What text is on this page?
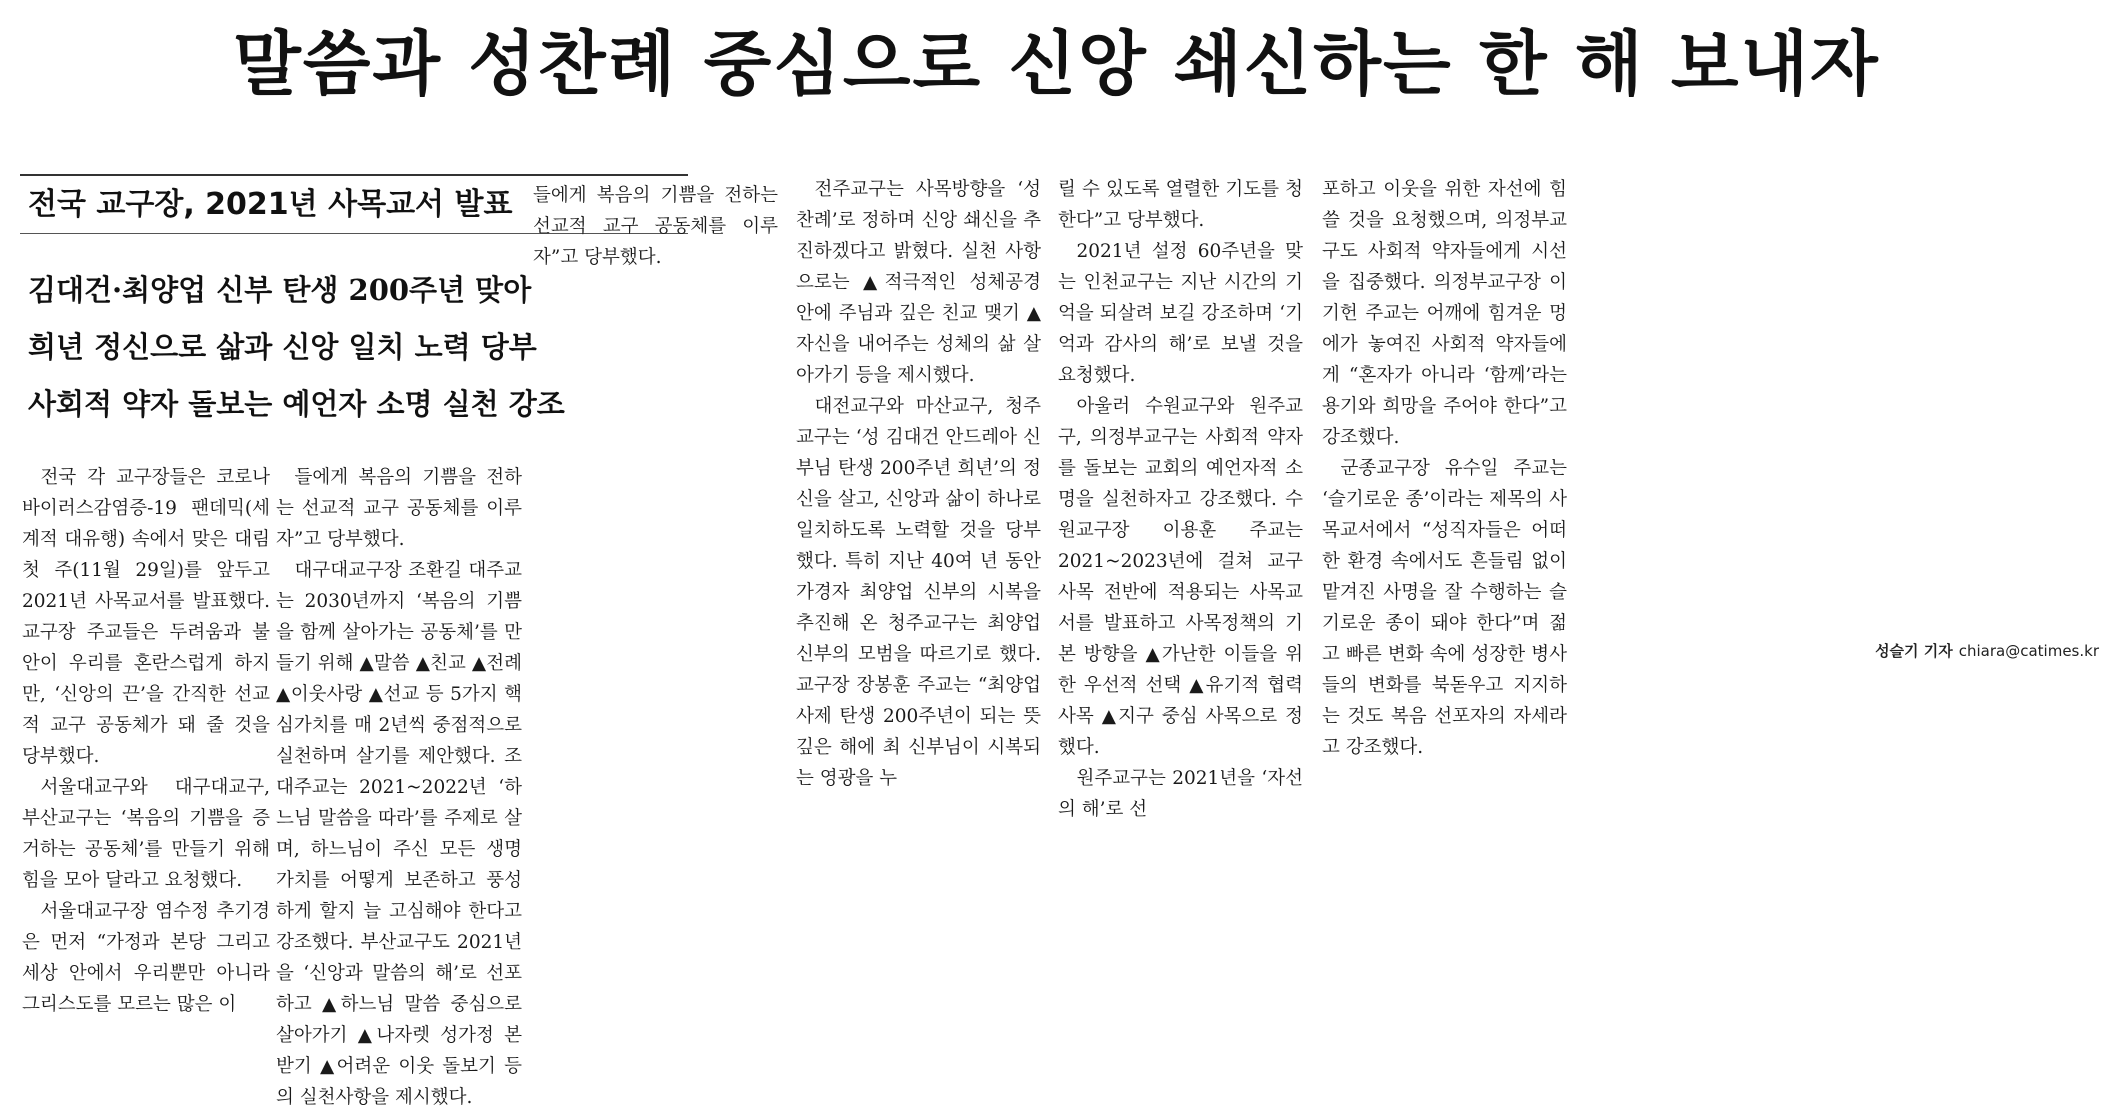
말씀과 성찬례 중심으로 신앙 쇄신하는 한 해 보내자
전국 교구장, 2021년 사목교서 발표
김대건·최양업 신부 탄생 200주년 맞아
희년 정신으로 삶과 신앙 일치 노력 당부
사회적 약자 돌보는 예언자 소명 실천 강조

전국 각 교구장들은 코로나바이러스감염증-19 팬데믹(세계적 대유행) 속에서 맞은 대림 첫 주(11월 29일)를 앞두고 2021년 사목교서를 발표했다. 교구장 주교들은 두려움과 불안이 우리를 혼란스럽게 하지만, ‘신앙의 끈’을 간직한 선교적 교구 공동체가 돼 줄 것을 당부했다.

서울대교구와 대구대교구, 부산교구는 ‘복음의 기쁨을 증거하는 공동체’를 만들기 위해 힘을 모아 달라고 요청했다.

서울대교구장 염수정 추기경은 먼저 “가정과 본당 그리고 세상 안에서 우리뿐만 아니라 그리스도를 모르는 많은 이

들에게 복음의 기쁨을 전하는 선교적 교구 공동체를 이루자”고 당부했다.

대구대교구장 조환길 대주교는 2030년까지 ‘복음의 기쁨을 함께 살아가는 공동체’를 만들기 위해 ▲말씀 ▲친교 ▲전례 ▲이웃사랑 ▲선교 등 5가지 핵심가치를 매 2년씩 중점적으로 실천하며 살기를 제안했다. 조 대주교는 2021~2022년 ‘하느님 말씀을 따라’를 주제로 살며, 하느님이 주신 모든 생명 가치를 어떻게 보존하고 풍성하게 할지 늘 고심해야 한다고 강조했다. 부산교구도 2021년을 ‘신앙과 말씀의 해’로 선포하고 ▲하느님 말씀 중심으로 살아가기 ▲나자렛 성가정 본받기 ▲어려운 이웃 돌보기 등의 실천사항을 제시했다.

들에게 복음의 기쁨을 전하는 선교적 교구 공동체를 이루자”고 당부했다.

전주교구는 사목방향을 ‘성찬례’로 정하며 신앙 쇄신을 추진하겠다고 밝혔다. 실천 사항으로는 ▲적극적인 성체공경 안에 주님과 깊은 친교 맺기 ▲자신을 내어주는 성체의 삶 살아가기 등을 제시했다.

대전교구와 마산교구, 청주교구는 ‘성 김대건 안드레아 신부님 탄생 200주년 희년’의 정신을 살고, 신앙과 삶이 하나로 일치하도록 노력할 것을 당부했다. 특히 지난 40여 년 동안 가경자 최양업 신부의 시복을 추진해 온 청주교구는 최양업 신부의 모범을 따르기로 했다. 교구장 장봉훈 주교는 “최양업 사제 탄생 200주년이 되는 뜻깊은 해에 최 신부님이 시복되는 영광을 누

릴 수 있도록 열렬한 기도를 청한다”고 당부했다.

2021년 설정 60주년을 맞는 인천교구는 지난 시간의 기억을 되살려 보길 강조하며 ‘기억과 감사의 해’로 보낼 것을 요청했다.

아울러 수원교구와 원주교구, 의정부교구는 사회적 약자를 돌보는 교회의 예언자적 소명을 실천하자고 강조했다. 수원교구장 이용훈 주교는 2021~2023년에 걸쳐 교구 사목 전반에 적용되는 사목교서를 발표하고 사목정책의 기본 방향을 ▲가난한 이들을 위한 우선적 선택 ▲유기적 협력 사목 ▲지구 중심 사목으로 정했다.

원주교구는 2021년을 ‘자선의 해’로 선

포하고 이웃을 위한 자선에 힘쓸 것을 요청했으며, 의정부교구도 사회적 약자들에게 시선을 집중했다. 의정부교구장 이기헌 주교는 어깨에 힘겨운 멍에가 놓여진 사회적 약자들에게 “혼자가 아니라 ‘함께’라는 용기와 희망을 주어야 한다”고 강조했다.

군종교구장 유수일 주교는 ‘슬기로운 종’이라는 제목의 사목교서에서 “성직자들은 어떠한 환경 속에서도 흔들림 없이 맡겨진 사명을 잘 수행하는 슬기로운 종이 돼야 한다”며 젊고 빠른 변화 속에 성장한 병사들의 변화를 북돋우고 지지하는 것도 복음 선포자의 자세라고 강조했다.

성슬기 기자 chiara@catimes.kr
